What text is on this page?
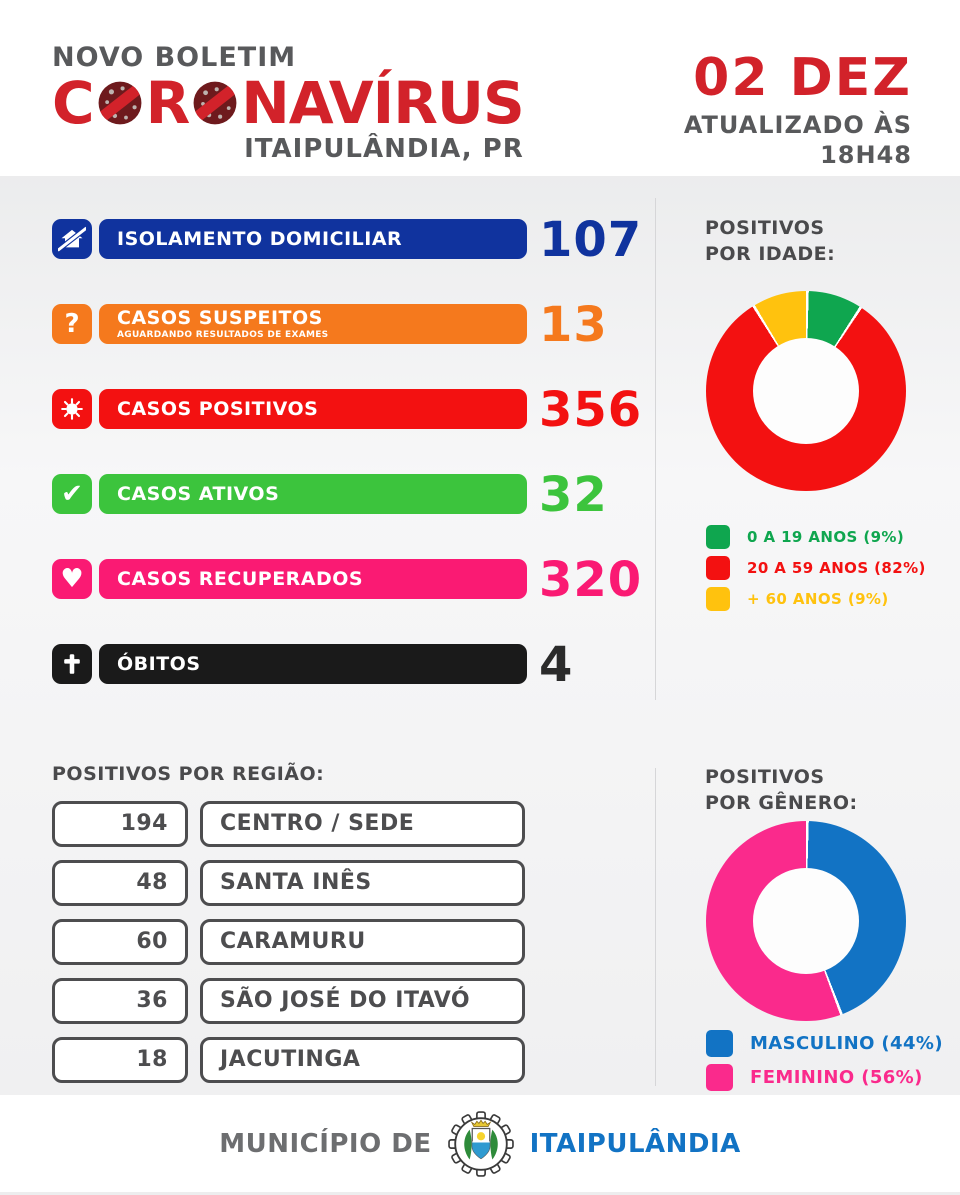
NOVO BOLETIM
C R NAVÍRUS
ITAIPULÂNDIA, PR
02 DEZ
ATUALIZADO ÀS
18H48
ISOLAMENTO DOMICILIAR	107
? CASOS SUSPEITOS
AGUARDANDO RESULTADOS DE EXAMES	13
CASOS POSITIVOS	356
✔ CASOS ATIVOS	32
♥ CASOS RECUPERADOS	320
ÓBITOS	4
POSITIVOS
POR IDADE:
0 A 19 ANOS (9%)
20 A 59 ANOS (82%)
+ 60 ANOS (9%)
POSITIVOS POR REGIÃO:
194	CENTRO / SEDE
48	SANTA INÊS
60	CARAMURU
36	SÃO JOSÉ DO ITAVÓ
18	JACUTINGA
POSITIVOS
POR GÊNERO:
MASCULINO (44%)
FEMININO (56%)
MUNICÍPIO DE	ITAIPULÂNDIA
